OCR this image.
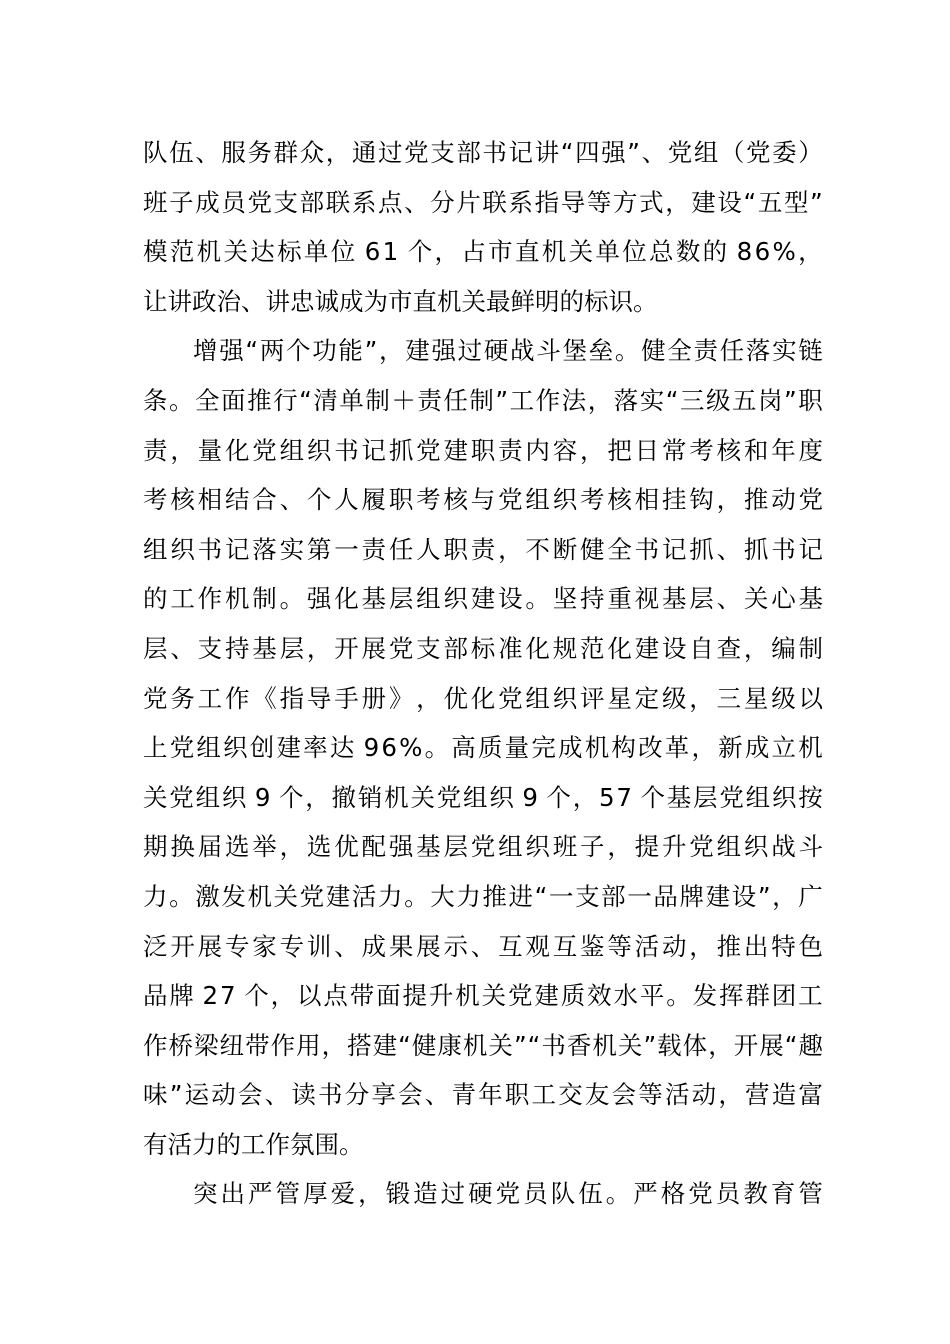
队 伍 、 服 务 群 众 ， 通 过 党 支 部 书 记 讲 “ 四 强 ” 、 党 组 （ 党 委 ）
班 子 成 员 党 支 部 联 系 点 、 分 片 联 系 指 导 等 方 式 ， 建 设 “ 五 型 ”
模 范 机 关 达 标 单 位 6 1 个 ， 占 市 直 机 关 单 位 总 数 的 8 6 % ，
让讲政治、讲忠诚成为市直机关最鲜明的标识。
增 强 “ 两 个 功 能 ” ， 建 强 过 硬 战 斗 堡 垒 。 健 全 责 任 落 实 链
条 。 全 面 推 行 “ 清 单 制 ＋ 责 任 制 ” 工 作 法 ， 落 实 “ 三 级 五 岗 ” 职
责 ， 量 化 党 组 织 书 记 抓 党 建 职 责 内 容 ， 把 日 常 考 核 和 年 度
考 核 相 结 合 、 个 人 履 职 考 核 与 党 组 织 考 核 相 挂 钩 ， 推 动 党
组 织 书 记 落 实 第 一 责 任 人 职 责 ， 不 断 健 全 书 记 抓 、 抓 书 记
的 工 作 机 制 。 强 化 基 层 组 织 建 设 。 坚 持 重 视 基 层 、 关 心 基
层 、 支 持 基 层 ， 开 展 党 支 部 标 准 化 规 范 化 建 设 自 查 ， 编 制
党 务 工 作 《 指 导 手 册 》 ， 优 化 党 组 织 评 星 定 级 ， 三 星 级 以
上 党 组 织 创 建 率 达 9 6 % 。 高 质 量 完 成 机 构 改 革 ， 新 成 立 机
关 党 组 织 9 个 ， 撤 销 机 关 党 组 织 9 个 ， 5 7 个 基 层 党 组 织 按
期 换 届 选 举 ， 选 优 配 强 基 层 党 组 织 班 子 ， 提 升 党 组 织 战 斗
力 。 激 发 机 关 党 建 活 力 。 大 力 推 进 “ 一 支 部 一 品 牌 建 设 ” ， 广
泛 开 展 专 家 专 训 、 成 果 展 示 、 互 观 互 鉴 等 活 动 ， 推 出 特 色
品 牌 2 7 个 ， 以 点 带 面 提 升 机 关 党 建 质 效 水 平 。 发 挥 群 团 工
作 桥 梁 纽 带 作 用 ， 搭 建 “ 健 康 机 关 ” “ 书 香 机 关 ” 载 体 ， 开 展 “ 趣
味 ” 运 动 会 、 读 书 分 享 会 、 青 年 职 工 交 友 会 等 活 动 ， 营 造 富
有活力的工作氛围。
突 出 严 管 厚 爱 ， 锻 造 过 硬 党 员 队 伍 。 严 格 党 员 教 育 管
